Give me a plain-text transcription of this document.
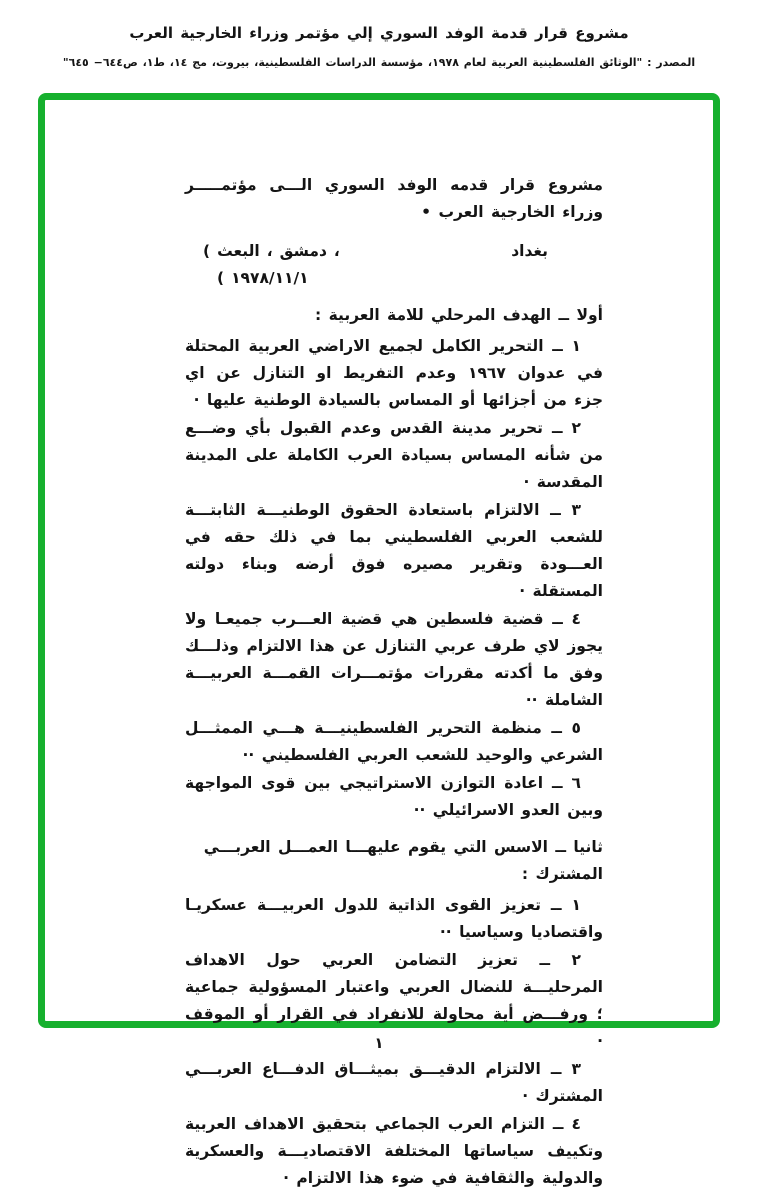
مشروع قرار قدمة الوفد السوري إلي مؤتمر وزراء الخارجية العرب
المصدر : "الوثائق الفلسطينية العربية لعام ١٩٧٨، مؤسسة الدراسات الفلسطينية، بيروت، مج ١٤، ط١، ص٦٤٤− ٦٤٥"

مشروع قرار قدمه الوفد السوري الـــى مؤتمـــــر وزراء الخارجية العرب •

بغداد
( البعث ، دمشق ،
( ١٩٧٨/١١/١

أولا ــ الهدف المرحلي للامة العربية :

١ ــ التحرير الكامل لجميع الاراضي العربية المحتلة في عدوان ١٩٦٧ وعدم التفريط او التنازل عن اي جزء من أجزائها أو المساس بالسيادة الوطنية عليها ·

٢ ــ تحرير مدينة القدس وعدم القبول بأي وضـــع من شأنه المساس بسيادة العرب الكاملة على المدينة المقدسة ·

٣ ــ الالتزام باستعادة الحقوق الوطنيـــة الثابتـــة للشعب العربي الفلسطيني بما في ذلك حقه في العـــودة وتقرير مصيره فوق أرضه وبناء دولته المستقلة ·

٤ ــ قضية فلسطين هي قضية العـــرب جميعـا ولا يجوز لاي طرف عربي التنازل عن هذا الالتزام وذلـــك وفق ما أكدته مقررات مؤتمـــرات القمـــة العربيـــة الشاملة ··

٥ ــ منظمة التحرير الفلسطينيـــة هـــي الممثـــل الشرعي والوحيد للشعب العربي الفلسطيني ··

٦ ــ اعادة التوازن الاستراتيجي بين قوى المواجهة وبين العدو الاسرائيلي ··

ثانيا ــ الاسس التي يقوم عليهـــا العمـــل العربـــي المشترك :

١ ــ تعزيز القوى الذاتية للدول العربيـــة عسكريـا واقتصاديا وسياسيا ··

٢ ــ تعزيز التضامن العربي حول الاهداف المرحليـــة للنضال العربي واعتبار المسؤولية جماعية ؛ ورفـــض أية محاولة للانفراد في القرار أو الموقف ·

٣ ــ الالتزام الدقيـــق بميثـــاق الدفـــاع العربـــي المشترك ·

٤ ــ التزام العرب الجماعي بتحقيق الاهداف العربية وتكييف سياساتها المختلفة الاقتصاديـــة والعسكرية والدولية والثقافية في ضوء هذا الالتزام ·

١
